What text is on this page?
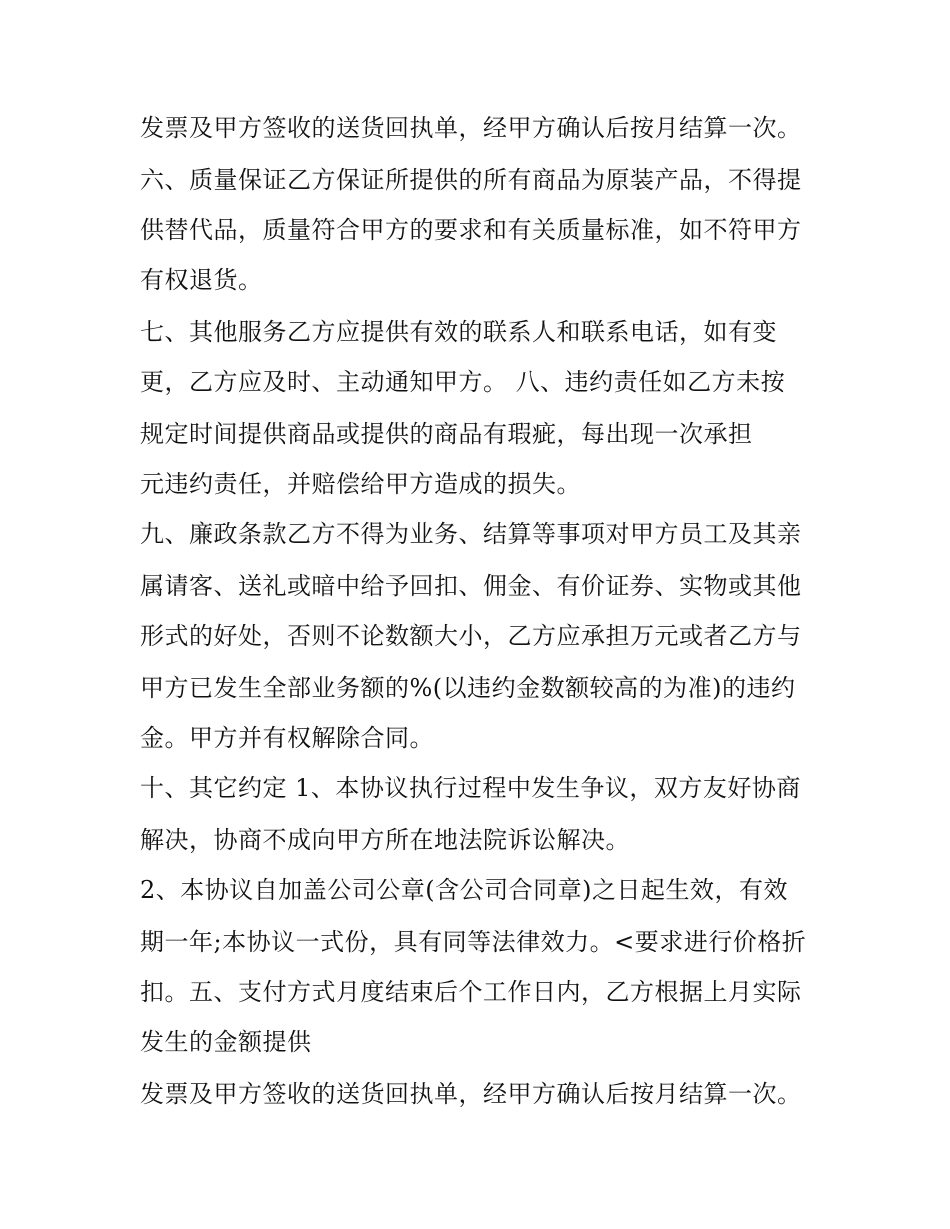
发票及甲方签收的送货回执单，经甲方确认后按月结算一次。
六、质量保证乙方保证所提供的所有商品为原装产品，不得提
供替代品，质量符合甲方的要求和有关质量标准，如不符甲方
有权退货。
七、其他服务乙方应提供有效的联系人和联系电话，如有变
更，乙方应及时、主动通知甲方。 八、违约责任如乙方未按
规定时间提供商品或提供的商品有瑕疵，每出现一次承担
元违约责任，并赔偿给甲方造成的损失。
九、廉政条款乙方不得为业务、结算等事项对甲方员工及其亲
属请客、送礼或暗中给予回扣、佣金、有价证券、实物或其他
形式的好处，否则不论数额大小，乙方应承担万元或者乙方与
甲方已发生全部业务额的%(以违约金数额较高的为准)的违约
金。甲方并有权解除合同。
十、其它约定 1、本协议执行过程中发生争议，双方友好协商
解决，协商不成向甲方所在地法院诉讼解决。
2、本协议自加盖公司公章(含公司合同章)之日起生效，有效
期一年;本协议一式份，具有同等法律效力。<要求进行价格折
扣。五、支付方式月度结束后个工作日内，乙方根据上月实际
发生的金额提供
发票及甲方签收的送货回执单，经甲方确认后按月结算一次。
